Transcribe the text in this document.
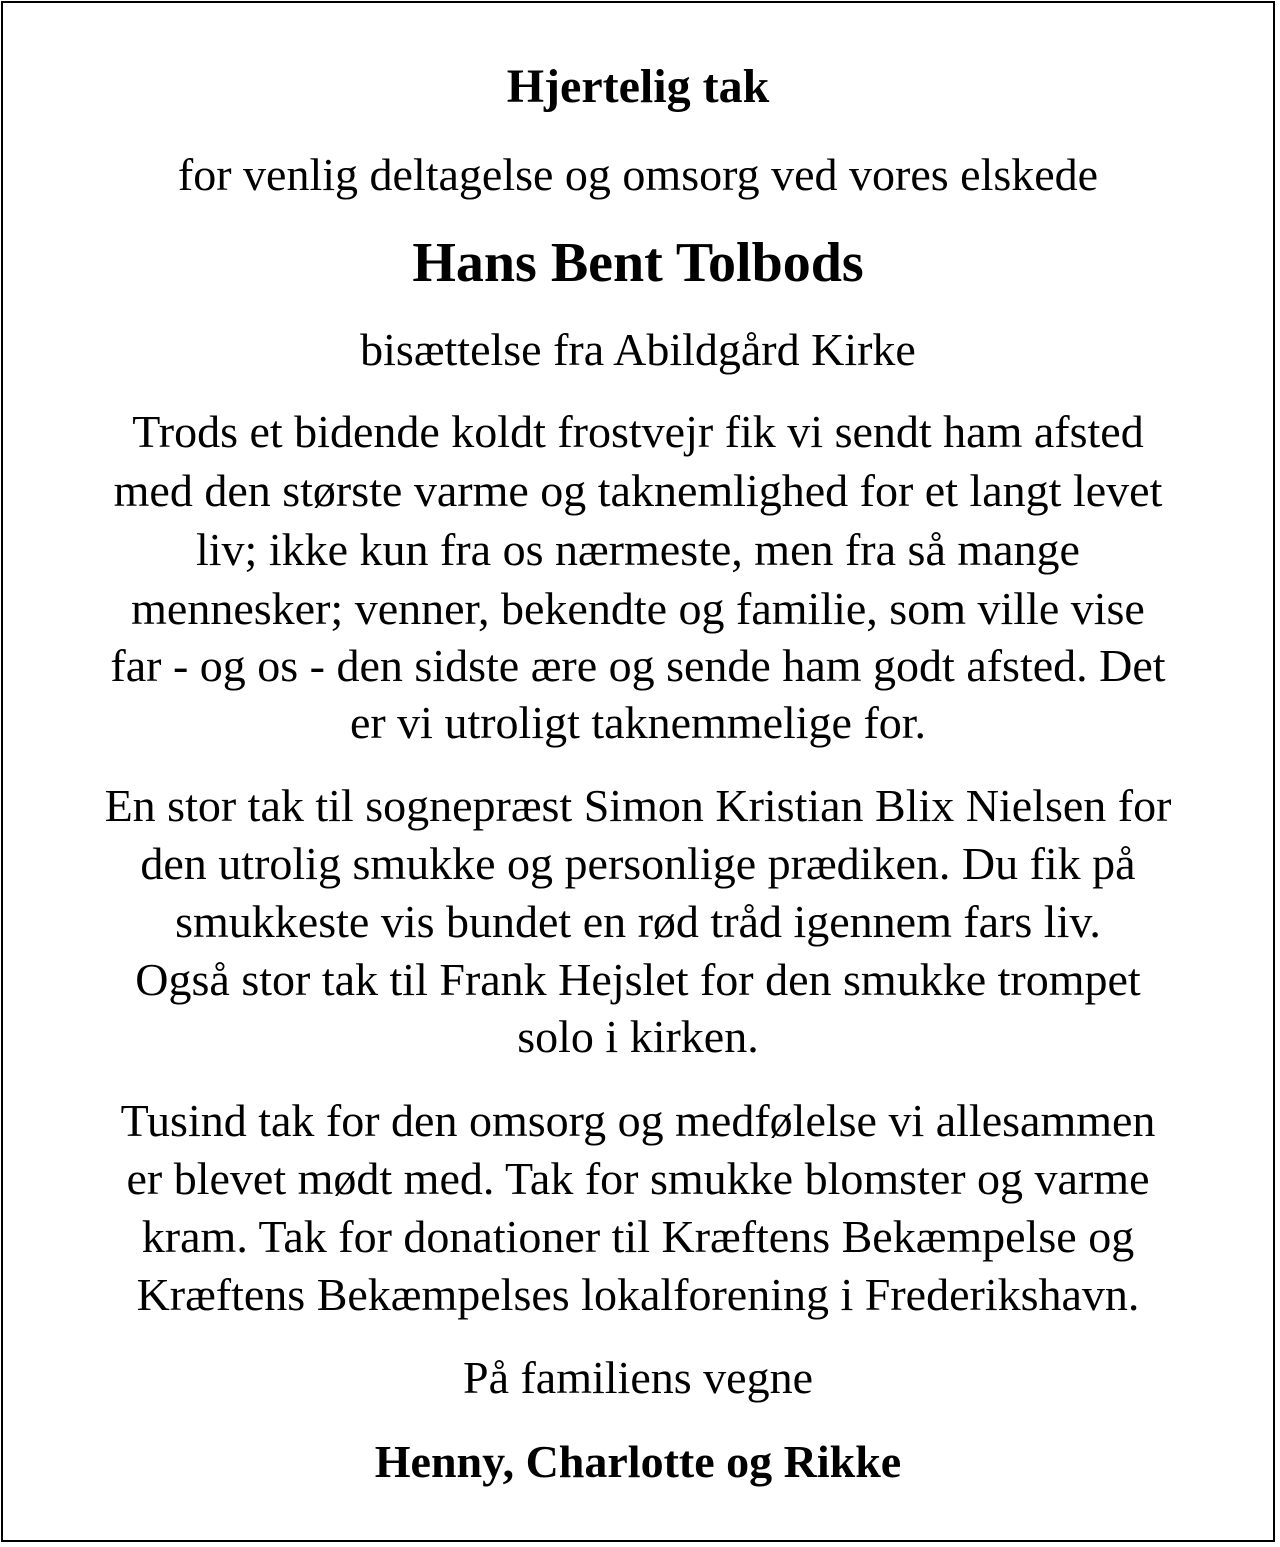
Hjertelig tak
for venlig deltagelse og omsorg ved vores elskede
Hans Bent Tolbods
bisættelse fra Abildgård Kirke
Trods et bidende koldt frostvejr fik vi sendt ham afsted
med den største varme og taknemlighed for et langt levet
liv; ikke kun fra os nærmeste, men fra så mange
mennesker; venner, bekendte og familie, som ville vise
far - og os - den sidste ære og sende ham godt afsted. Det
er vi utroligt taknemmelige for.
En stor tak til sognepræst Simon Kristian Blix Nielsen for
den utrolig smukke og personlige prædiken. Du fik på
smukkeste vis bundet en rød tråd igennem fars liv.
Også stor tak til Frank Hejslet for den smukke trompet
solo i kirken.
Tusind tak for den omsorg og medfølelse vi allesammen
er blevet mødt med. Tak for smukke blomster og varme
kram. Tak for donationer til Kræftens Bekæmpelse og
Kræftens Bekæmpelses lokalforening i Frederikshavn.
På familiens vegne
Henny, Charlotte og Rikke
